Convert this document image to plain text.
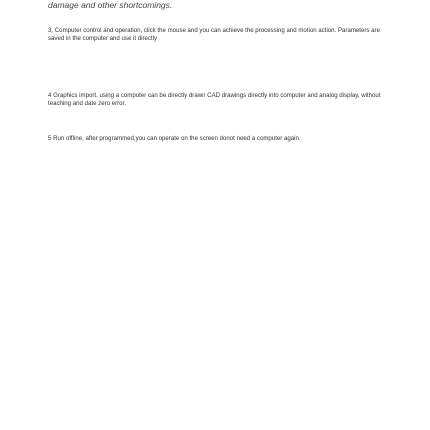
damage and other shortcomings.

3, Computer control and operation, click the mouse and you can achieve the processing and motion action. Parameters are saved in the computer and use it directly

4 Graphics import, using a computer can be directly drawn CAD drawings directly into computer and analog display, without teaching and date zero error.

5 Run offline, after programmed,you can operate on the screen donot need a computer again.
